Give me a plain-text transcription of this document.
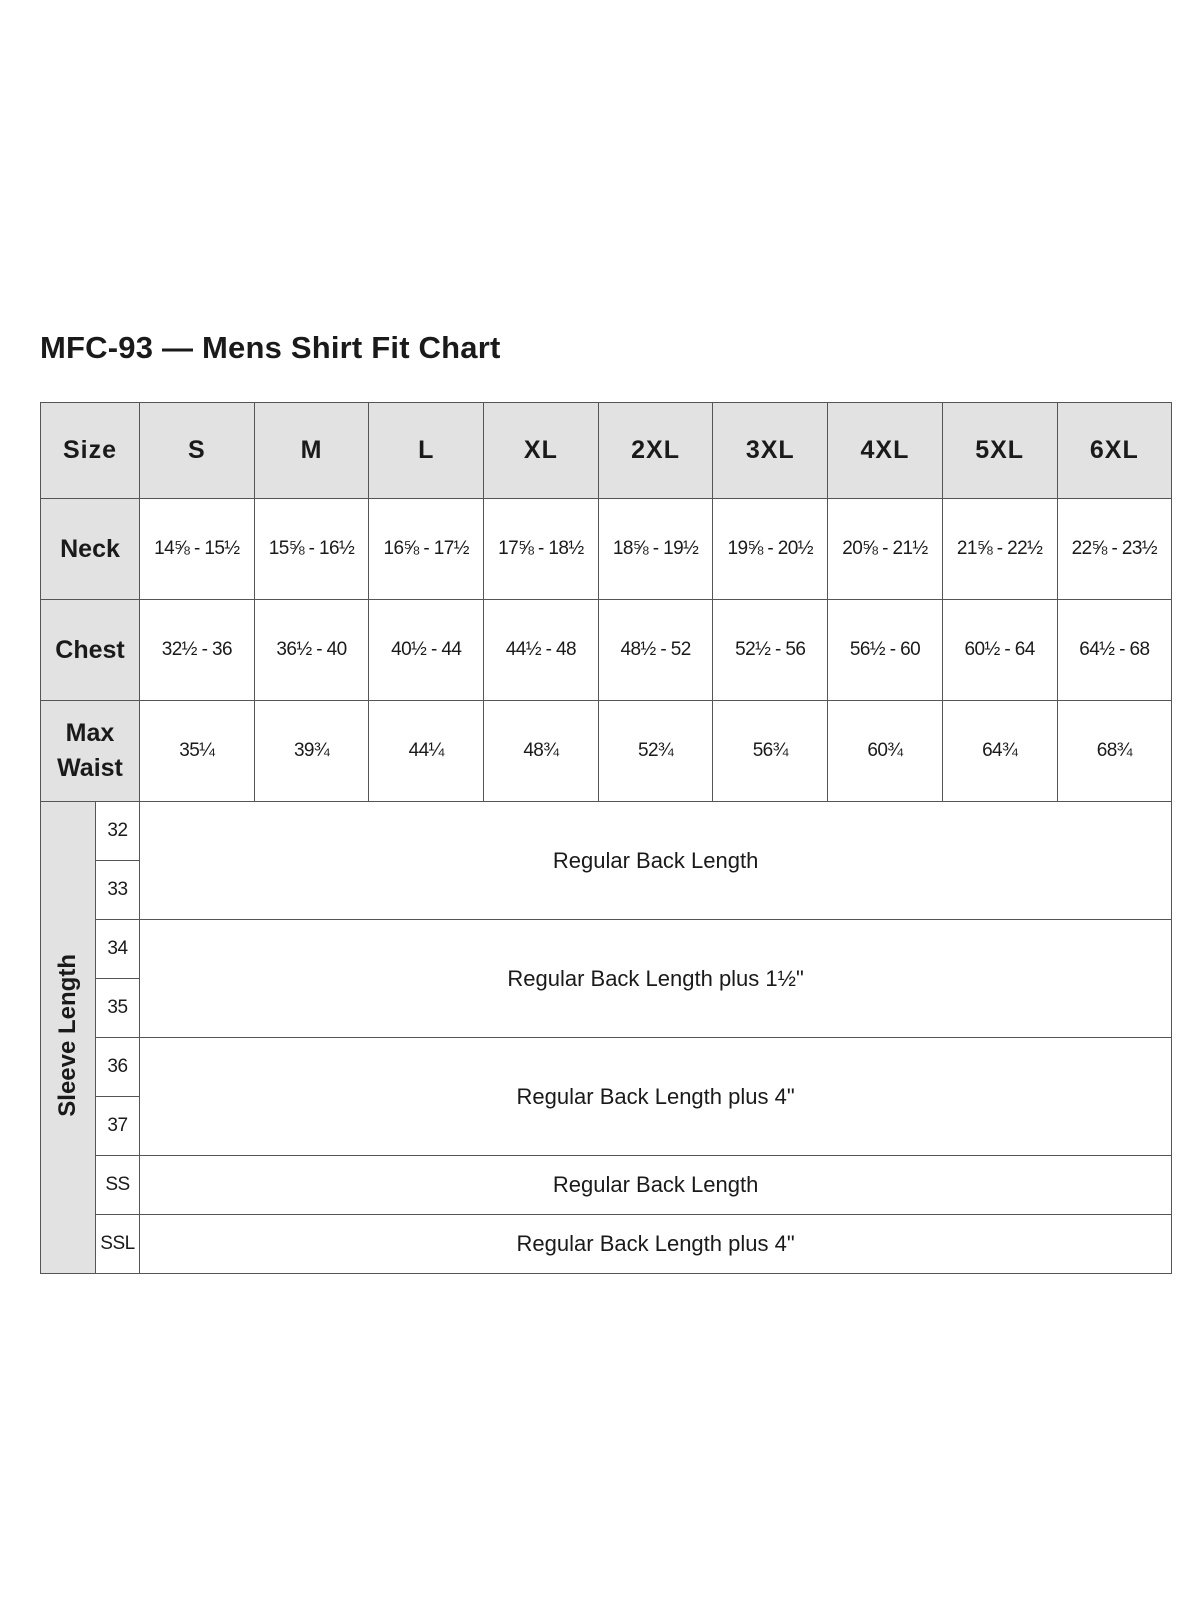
MFC-93 — Mens Shirt Fit Chart
Size		S	M	L	XL	2XL	3XL	4XL	5XL	6XL
Neck		14⅝ - 15½	15⅝ - 16½	16⅝ - 17½	17⅝ - 18½	18⅝ - 19½	19⅝ - 20½	20⅝ - 21½	21⅝ - 22½	22⅝ - 23½
Chest		32½ - 36	36½ - 40	40½ - 44	44½ - 48	48½ - 52	52½ - 56	56½ - 60	60½ - 64	64½ - 68
Max
Waist		35¼	39¾	44¼	48¾	52¾	56¾	60¾	64¾	68¾
Sleeve Length	32	Regular Back Length								
	33									
	34	Regular Back Length plus 1½"								
	35									
	36	Regular Back Length plus 4"								
	37									
	SS	Regular Back Length								
	SSL	Regular Back Length plus 4"								
